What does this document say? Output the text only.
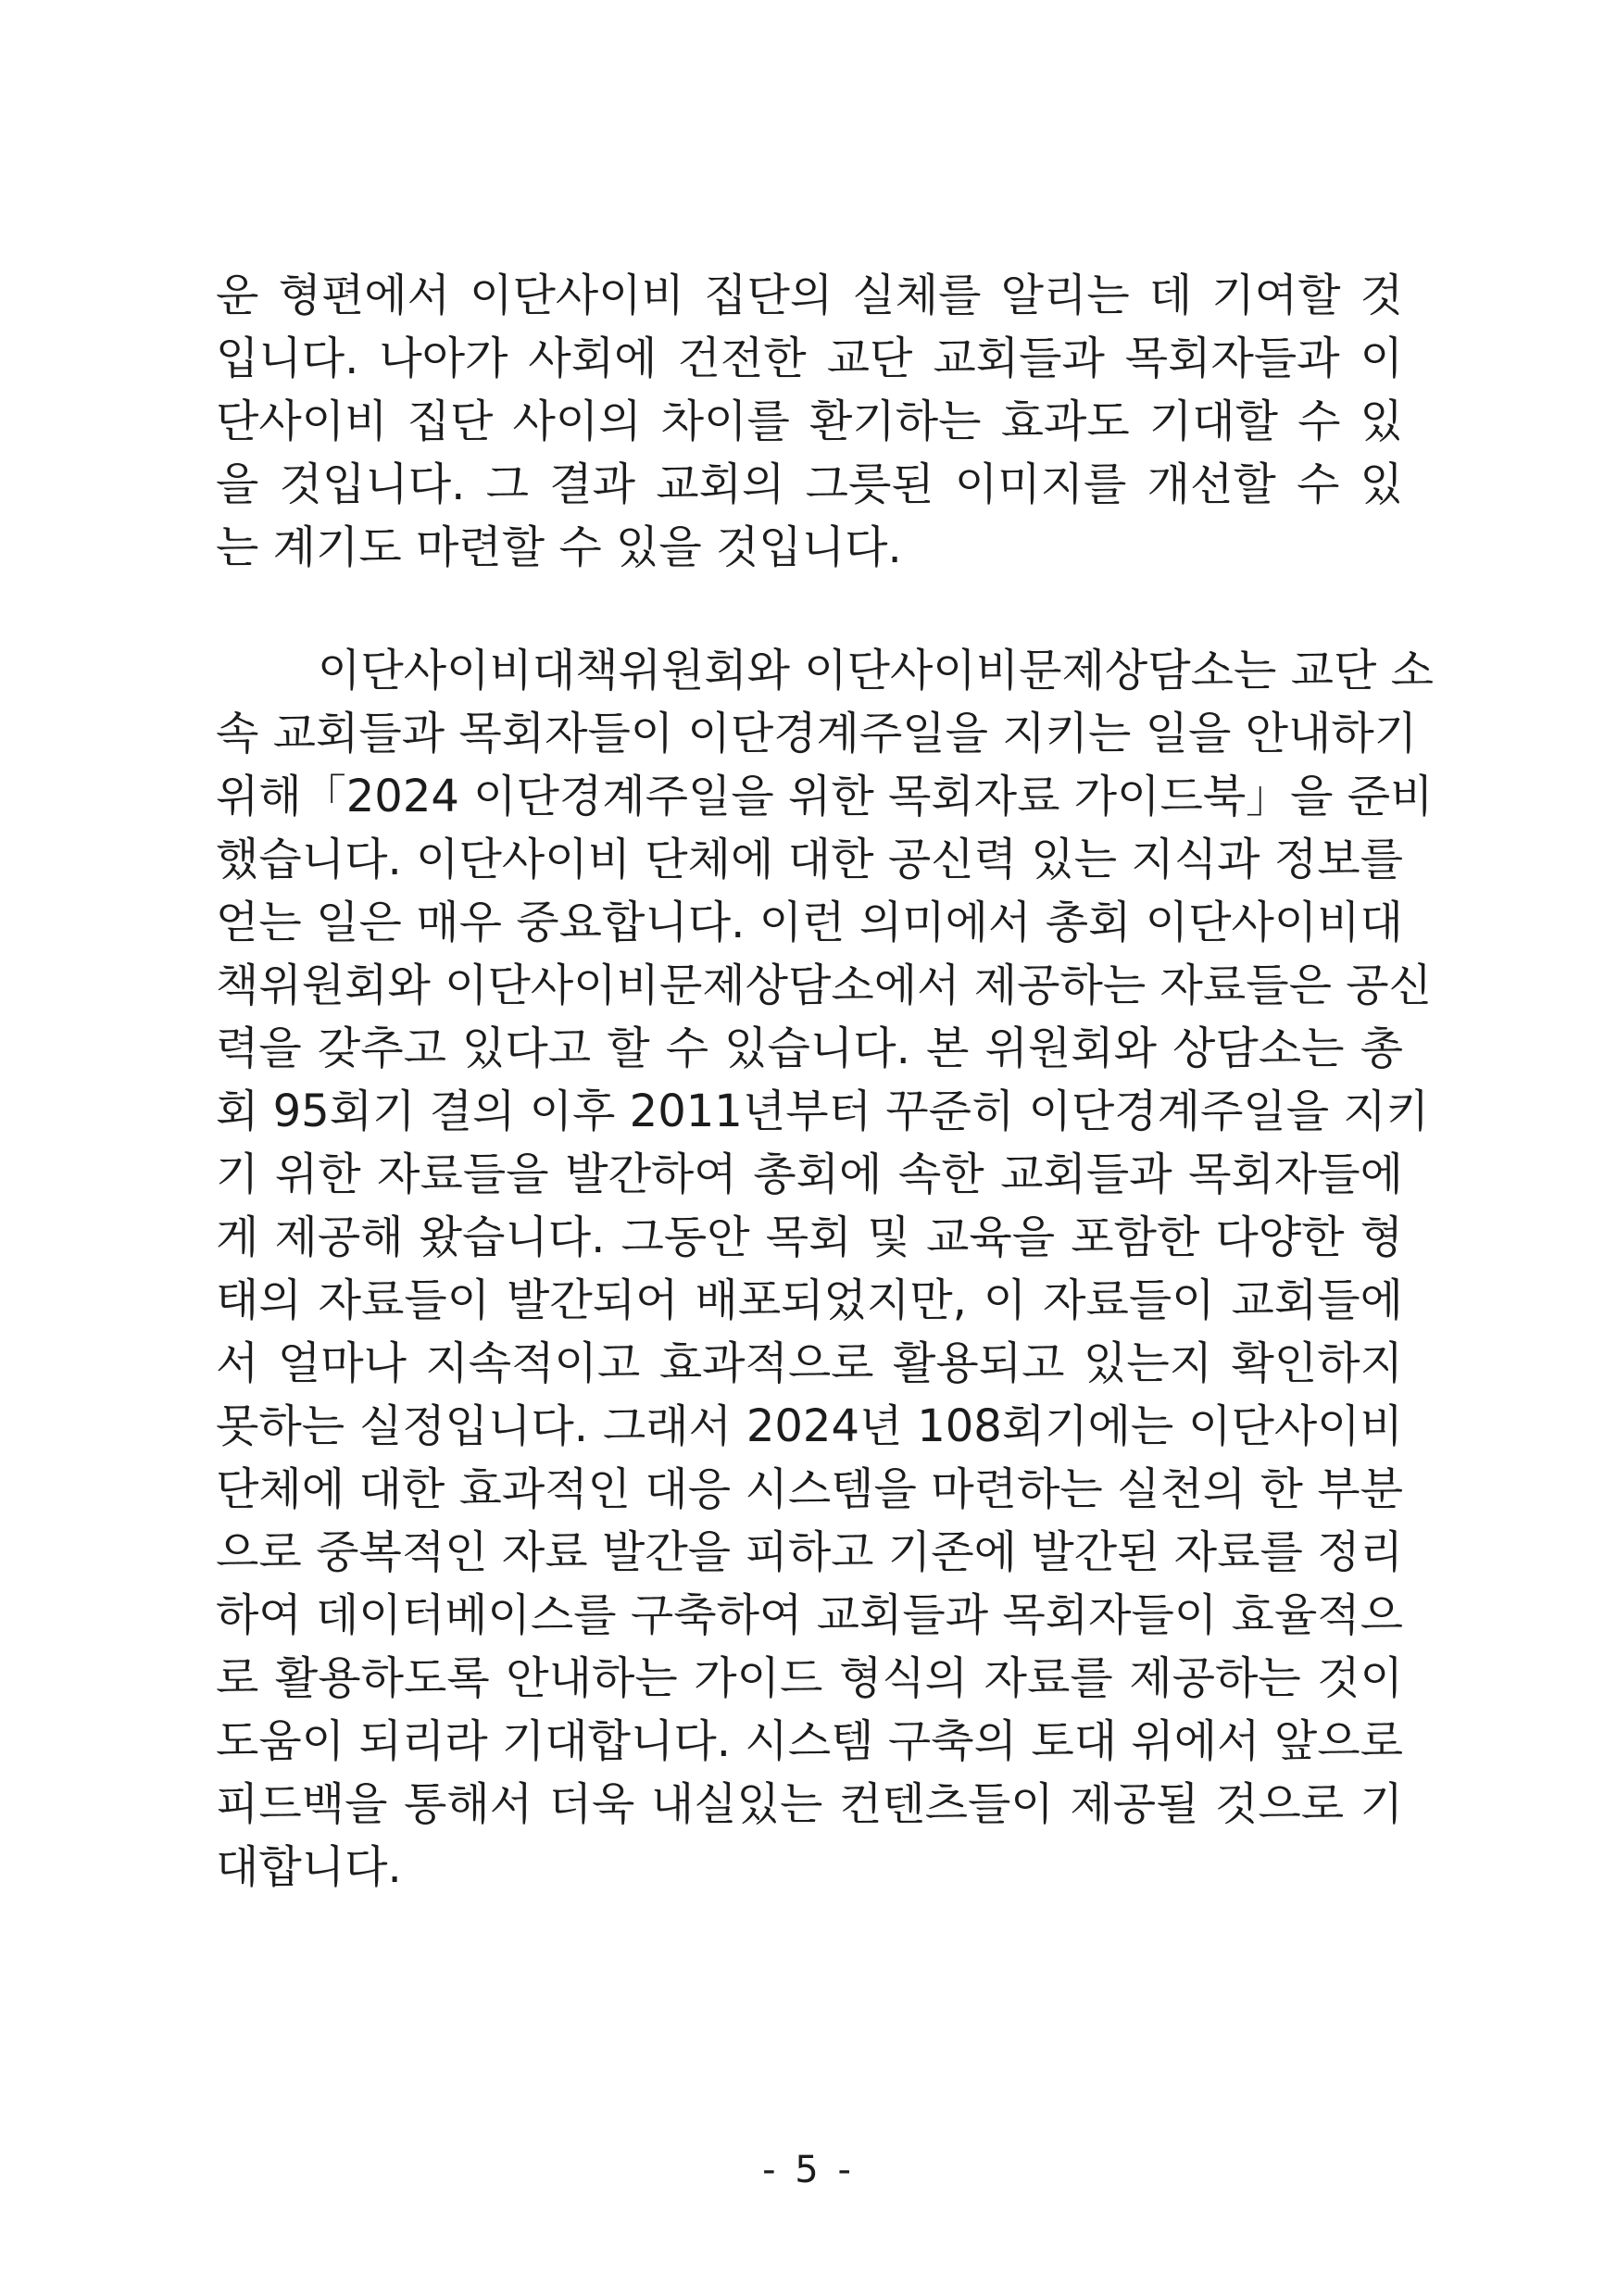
운 형편에서 이단사이비 집단의 실체를 알리는 데 기여할 것
입니다. 나아가 사회에 건전한 교단 교회들과 목회자들과 이
단사이비 집단 사이의 차이를 환기하는 효과도 기대할 수 있
을 것입니다. 그 결과 교회의 그릇된 이미지를 개선할 수 있
는 계기도 마련할 수 있을 것입니다.
이단사이비대책위원회와 이단사이비문제상담소는 교단 소
속 교회들과 목회자들이 이단경계주일을 지키는 일을 안내하기
위해「2024 이단경계주일을 위한 목회자료 가이드북」을 준비
했습니다. 이단사이비 단체에 대한 공신력 있는 지식과 정보를
얻는 일은 매우 중요합니다. 이런 의미에서 총회 이단사이비대
책위원회와 이단사이비문제상담소에서 제공하는 자료들은 공신
력을 갖추고 있다고 할 수 있습니다. 본 위원회와 상담소는 총
회 95회기 결의 이후 2011년부터 꾸준히 이단경계주일을 지키
기 위한 자료들을 발간하여 총회에 속한 교회들과 목회자들에
게 제공해 왔습니다. 그동안 목회 및 교육을 포함한 다양한 형
태의 자료들이 발간되어 배포되었지만, 이 자료들이 교회들에
서 얼마나 지속적이고 효과적으로 활용되고 있는지 확인하지
못하는 실정입니다. 그래서 2024년 108회기에는 이단사이비
단체에 대한 효과적인 대응 시스템을 마련하는 실천의 한 부분
으로 중복적인 자료 발간을 피하고 기존에 발간된 자료를 정리
하여 데이터베이스를 구축하여 교회들과 목회자들이 효율적으
로 활용하도록 안내하는 가이드 형식의 자료를 제공하는 것이
도움이 되리라 기대합니다. 시스템 구축의 토대 위에서 앞으로
피드백을 통해서 더욱 내실있는 컨텐츠들이 제공될 것으로 기
대합니다.
- 5 -
